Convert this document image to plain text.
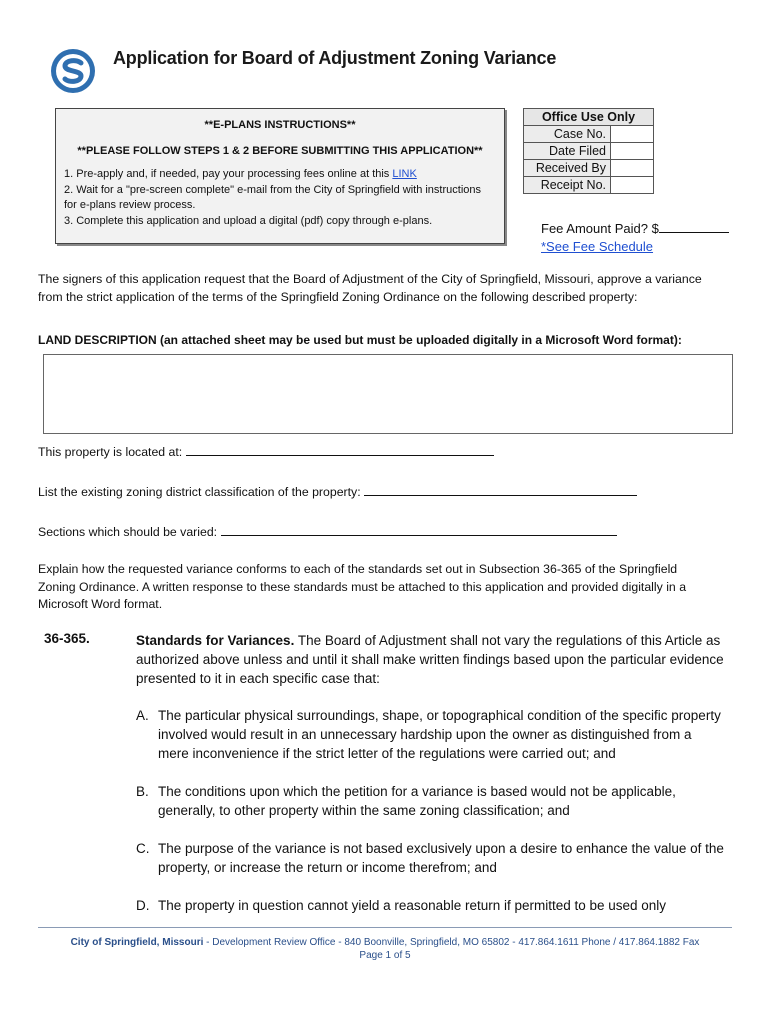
Application for Board of Adjustment Zoning Variance
**E-PLANS INSTRUCTIONS**
**PLEASE FOLLOW STEPS 1 & 2 BEFORE SUBMITTING THIS APPLICATION**
1. Pre-apply and, if needed, pay your processing fees online at this LINK
2. Wait for a "pre-screen complete" e-mail from the City of Springfield with instructions for e-plans review process.
3. Complete this application and upload a digital (pdf) copy through e-plans.
Office Use Only	
Case No.	
Date Filed	
Received By	
Receipt No.	
Fee Amount Paid? $
*See Fee Schedule
The signers of this application request that the Board of Adjustment of the City of Springfield, Missouri, approve a variance from the strict application of the terms of the Springfield Zoning Ordinance on the following described property:
LAND DESCRIPTION (an attached sheet may be used but must be uploaded digitally in a Microsoft Word format):
This property is located at:
List the existing zoning district classification of the property:
Sections which should be varied:
Explain how the requested variance conforms to each of the standards set out in Subsection 36-365 of the Springfield Zoning Ordinance. A written response to these standards must be attached to this application and provided digitally in a Microsoft Word format.
36-365.	Standards for Variances. The Board of Adjustment shall not vary the regulations of this Article as authorized above unless and until it shall make written findings based upon the particular evidence presented to it in each specific case that:
A. The particular physical surroundings, shape, or topographical condition of the specific property involved would result in an unnecessary hardship upon the owner as distinguished from a mere inconvenience if the strict letter of the regulations were carried out; and
B. The conditions upon which the petition for a variance is based would not be applicable, generally, to other property within the same zoning classification; and
C. The purpose of the variance is not based exclusively upon a desire to enhance the value of the property, or increase the return or income therefrom; and
D. The property in question cannot yield a reasonable return if permitted to be used only
City of Springfield, Missouri - Development Review Office - 840 Boonville, Springfield, MO 65802 - 417.864.1611 Phone / 417.864.1882 Fax
Page 1 of 5
